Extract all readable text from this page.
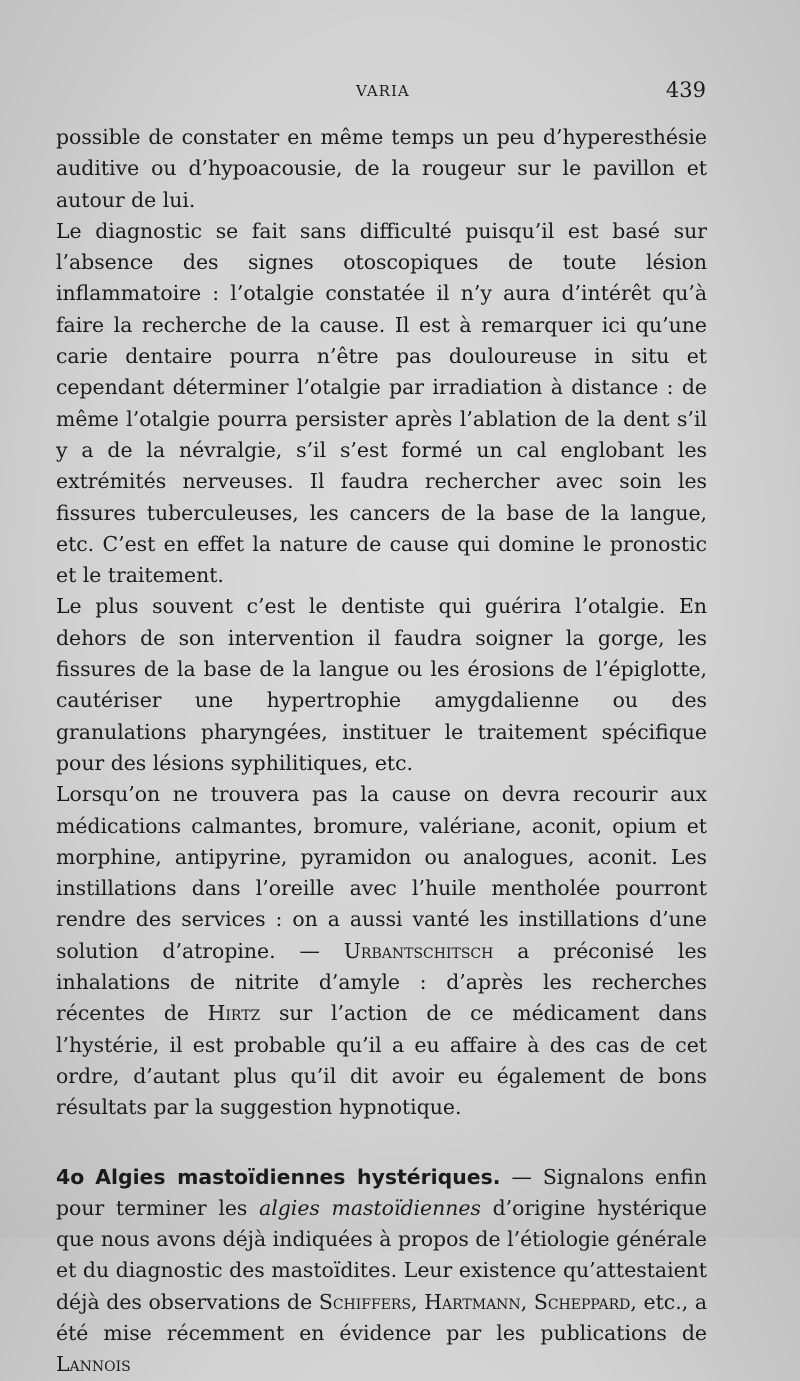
VARIA	439

possible de constater en même temps un peu d’hyperesthésie auditive ou d’hypoacousie, de la rougeur sur le pavillon et autour de lui.

Le diagnostic se fait sans difficulté puisqu’il est basé sur l’absence des signes otoscopiques de toute lésion inflammatoire : l’otalgie constatée il n’y aura d’intérêt qu’à faire la recherche de la cause. Il est à remarquer ici qu’une carie dentaire pourra n’être pas douloureuse in situ et cependant déterminer l’otalgie par irradiation à distance : de même l’otalgie pourra persister après l’ablation de la dent s’il y a de la névralgie, s’il s’est formé un cal englobant les extrémités nerveuses. Il faudra rechercher avec soin les fissures tuberculeuses, les cancers de la base de la langue, etc. C’est en effet la nature de cause qui domine le pronostic et le traitement.

Le plus souvent c’est le dentiste qui guérira l’otalgie. En dehors de son intervention il faudra soigner la gorge, les fissures de la base de la langue ou les érosions de l’épiglotte, cautériser une hypertrophie amygdalienne ou des granulations pharyngées, instituer le traitement spécifique pour des lésions syphilitiques, etc.

Lorsqu’on ne trouvera pas la cause on devra recourir aux médications calmantes, bromure, valériane, aconit, opium et morphine, antipyrine, pyramidon ou analogues, aconit. Les instillations dans l’oreille avec l’huile mentholée pourront rendre des services : on a aussi vanté les instillations d’une solution d’atropine. — Urbantschitsch a préconisé les inhalations de nitrite d’amyle : d’après les recherches récentes de Hirtz sur l’action de ce médicament dans l’hystérie, il est probable qu’il a eu affaire à des cas de cet ordre, d’autant plus qu’il dit avoir eu également de bons résultats par la suggestion hypnotique.

4o Algies mastoïdiennes hystériques. — Signalons enfin pour terminer les algies mastoïdiennes d’origine hystérique que nous avons déjà indiquées à propos de l’étiologie générale et du diagnostic des mastoïdites. Leur existence qu’attestaient déjà des observations de Schiffers, Hartmann, Scheppard, etc., a été mise récemment en évidence par les publications de Lannois
